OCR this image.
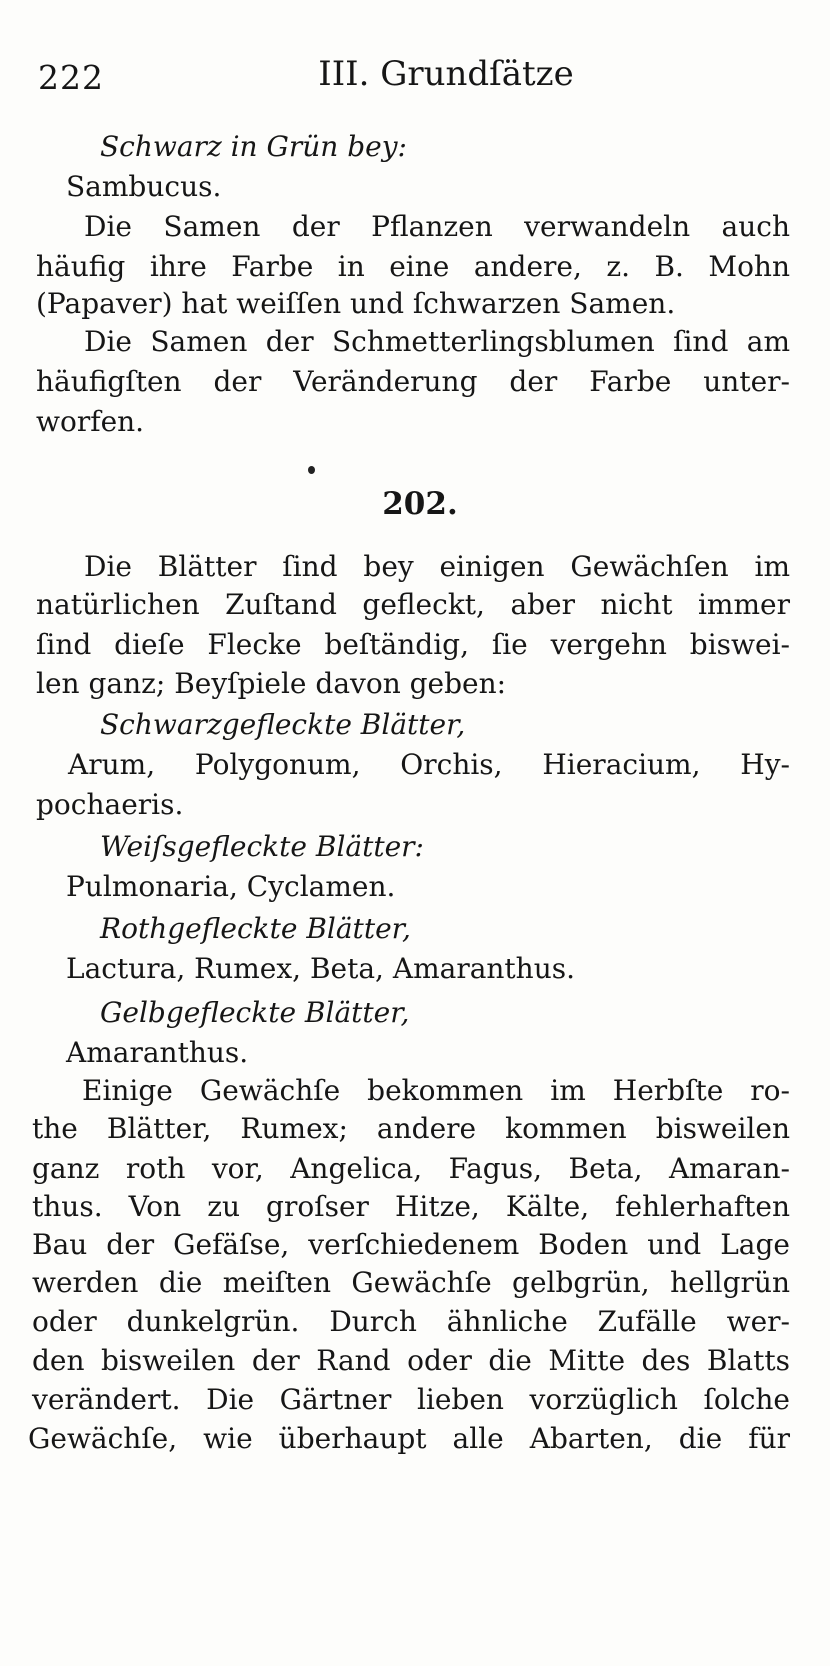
222	III. Grundſätze
Schwarz in Grün bey:
Sambucus.
Die Samen der Pflanzen verwandeln auch
häufig ihre Farbe in eine andere, z. B. Mohn
(Papaver) hat weiſſen und ſchwarzen Samen.
Die Samen der Schmetterlingsblumen ſind am
häufigſten der Veränderung der Farbe unter-
worfen.
202.
Die Blätter ſind bey einigen Gewächſen im
natürlichen Zuſtand gefleckt, aber nicht immer
ſind dieſe Flecke beſtändig, ſie vergehn biswei-
len ganz; Beyſpiele davon geben:
Schwarzgefleckte Blätter,
Arum, Polygonum, Orchis, Hieracium, Hy-
pochaeris.
Weiſsgefleckte Blätter:
Pulmonaria, Cyclamen.
Rothgefleckte Blätter,
Lactura, Rumex, Beta, Amaranthus.
Gelbgefleckte Blätter,
Amaranthus.
Einige Gewächſe bekommen im Herbſte ro-
the Blätter, Rumex; andere kommen bisweilen
ganz roth vor, Angelica, Fagus, Beta, Amaran-
thus. Von zu groſser Hitze, Kälte, fehlerhaften
Bau der Gefäſse, verſchiedenem Boden und Lage
werden die meiſten Gewächſe gelbgrün, hellgrün
oder dunkelgrün. Durch ähnliche Zufälle wer-
den bisweilen der Rand oder die Mitte des Blatts
verändert. Die Gärtner lieben vorzüglich ſolche
Gewächſe, wie überhaupt alle Abarten, die für
